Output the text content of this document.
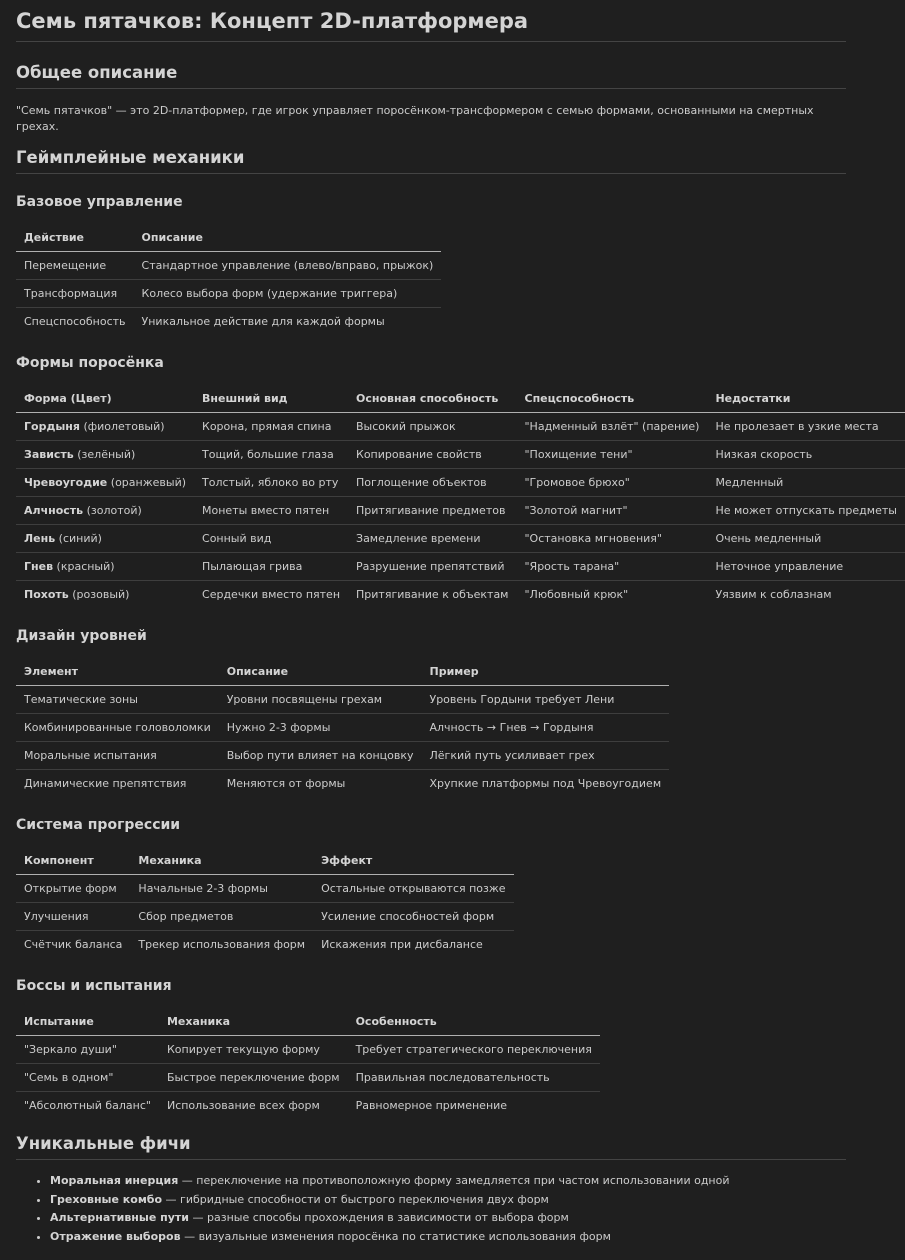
Семь пятачков: Концепт 2D-платформера
Общее описание

"Семь пятачков" — это 2D-платформер, где игрок управляет поросёнком-трансформером с семью формами, основанными на смертных грехах.

Геймплейные механики
Базовое управление
Действие	Описание
Перемещение	Стандартное управление (влево/вправо, прыжок)
Трансформация	Колесо выбора форм (удержание триггера)
Спецспособность	Уникальное действие для каждой формы
Формы поросёнка
Форма (Цвет)	Внешний вид	Основная способность	Спецспособность	Недостатки
Гордыня (фиолетовый)	Корона, прямая спина	Высокий прыжок	"Надменный взлёт" (парение)	Не пролезает в узкие места
Зависть (зелёный)	Тощий, большие глаза	Копирование свойств	"Похищение тени"	Низкая скорость
Чревоугодие (оранжевый)	Толстый, яблоко во рту	Поглощение объектов	"Громовое брюхо"	Медленный
Алчность (золотой)	Монеты вместо пятен	Притягивание предметов	"Золотой магнит"	Не может отпускать предметы
Лень (синий)	Сонный вид	Замедление времени	"Остановка мгновения"	Очень медленный
Гнев (красный)	Пылающая грива	Разрушение препятствий	"Ярость тарана"	Неточное управление
Похоть (розовый)	Сердечки вместо пятен	Притягивание к объектам	"Любовный крюк"	Уязвим к соблазнам
Дизайн уровней
Элемент	Описание	Пример
Тематические зоны	Уровни посвящены грехам	Уровень Гордыни требует Лени
Комбинированные головоломки	Нужно 2-3 формы	Алчность → Гнев → Гордыня
Моральные испытания	Выбор пути влияет на концовку	Лёгкий путь усиливает грех
Динамические препятствия	Меняются от формы	Хрупкие платформы под Чревоугодием
Система прогрессии
Компонент	Механика	Эффект
Открытие форм	Начальные 2-3 формы	Остальные открываются позже
Улучшения	Сбор предметов	Усиление способностей форм
Счётчик баланса	Трекер использования форм	Искажения при дисбалансе
Боссы и испытания
Испытание	Механика	Особенность
"Зеркало души"	Копирует текущую форму	Требует стратегического переключения
"Семь в одном"	Быстрое переключение форм	Правильная последовательность
"Абсолютный баланс"	Использование всех форм	Равномерное применение
Уникальные фичи
• Моральная инерция — переключение на противоположную форму замедляется при частом использовании одной
• Греховные комбо — гибридные способности от быстрого переключения двух форм
• Альтернативные пути — разные способы прохождения в зависимости от выбора форм
• Отражение выборов — визуальные изменения поросёнка по статистике использования форм
